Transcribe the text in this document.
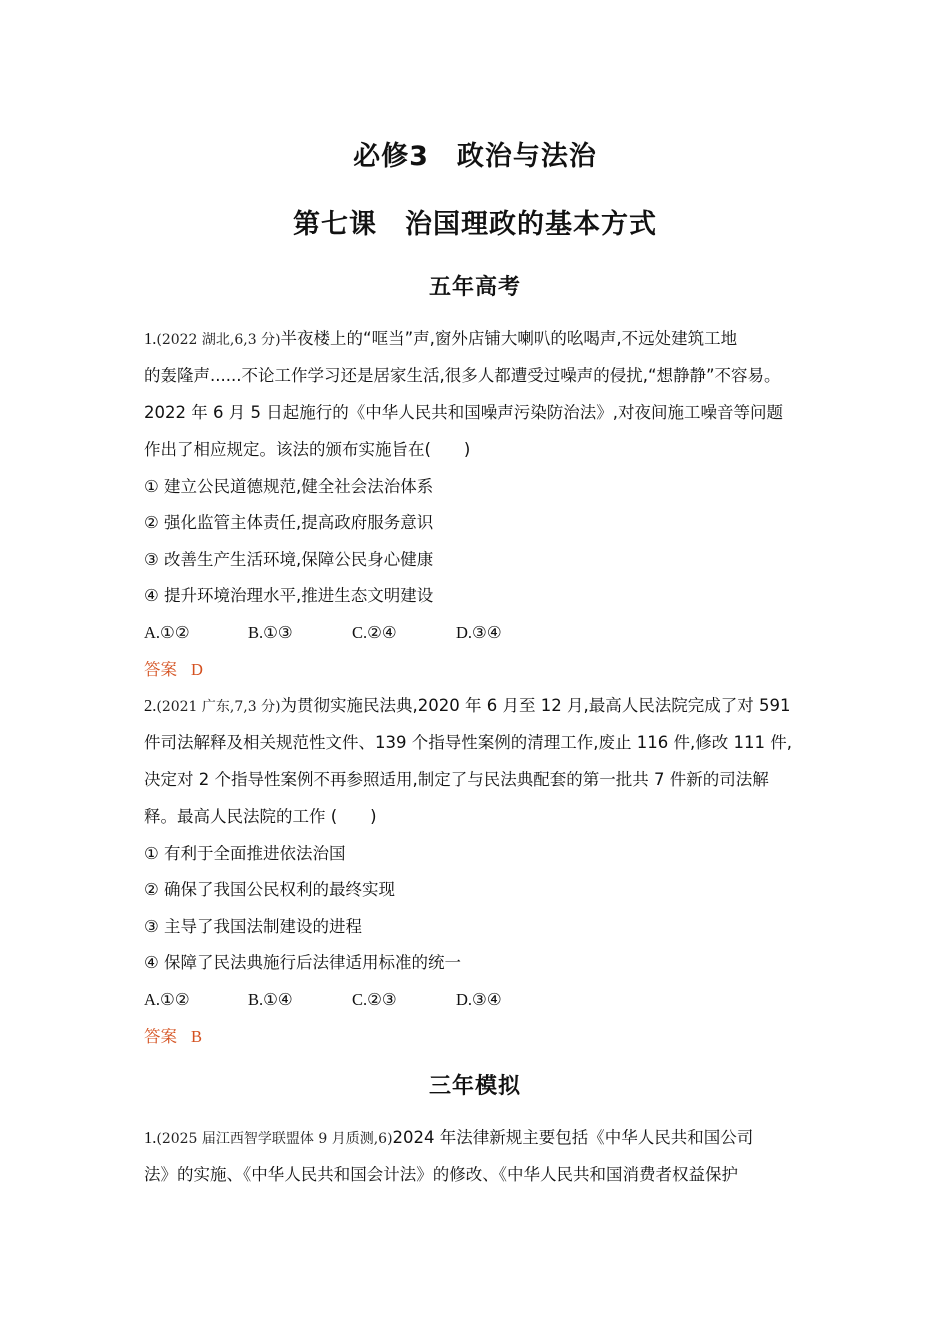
必修3　政治与法治
第七课　治国理政的基本方式
五年高考
1.(2022 湖北,6,3 分)半夜楼上的“哐当”声,窗外店铺大喇叭的吆喝声,不远处建筑工地
的轰隆声......不论工作学习还是居家生活,很多人都遭受过噪声的侵扰,“想静静”不容易。
2022 年 6 月 5 日起施行的《中华人民共和国噪声污染防治法》,对夜间施工噪音等问题
作出了相应规定。该法的颁布实施旨在(　　)
① 建立公民道德规范,健全社会法治体系
② 强化监管主体责任,提高政府服务意识
③ 改善生产生活环境,保障公民身心健康
④ 提升环境治理水平,推进生态文明建设
A.①②	B.①③	C.②④	D.③④
答案 D
2.(2021 广东,7,3 分)为贯彻实施民法典,2020 年 6 月至 12 月,最高人民法院完成了对 591
件司法解释及相关规范性文件、139 个指导性案例的清理工作,废止 116 件,修改 111 件,
决定对 2 个指导性案例不再参照适用,制定了与民法典配套的第一批共 7 件新的司法解
释。最高人民法院的工作 (　　)
① 有利于全面推进依法治国
② 确保了我国公民权利的最终实现
③ 主导了我国法制建设的进程
④ 保障了民法典施行后法律适用标准的统一
A.①②	B.①④	C.②③	D.③④
答案 B
三年模拟
1.(2025 届江西智学联盟体 9 月质测,6)2024 年法律新规主要包括《中华人民共和国公司
法》的实施、《中华人民共和国会计法》的修改、《中华人民共和国消费者权益保护
